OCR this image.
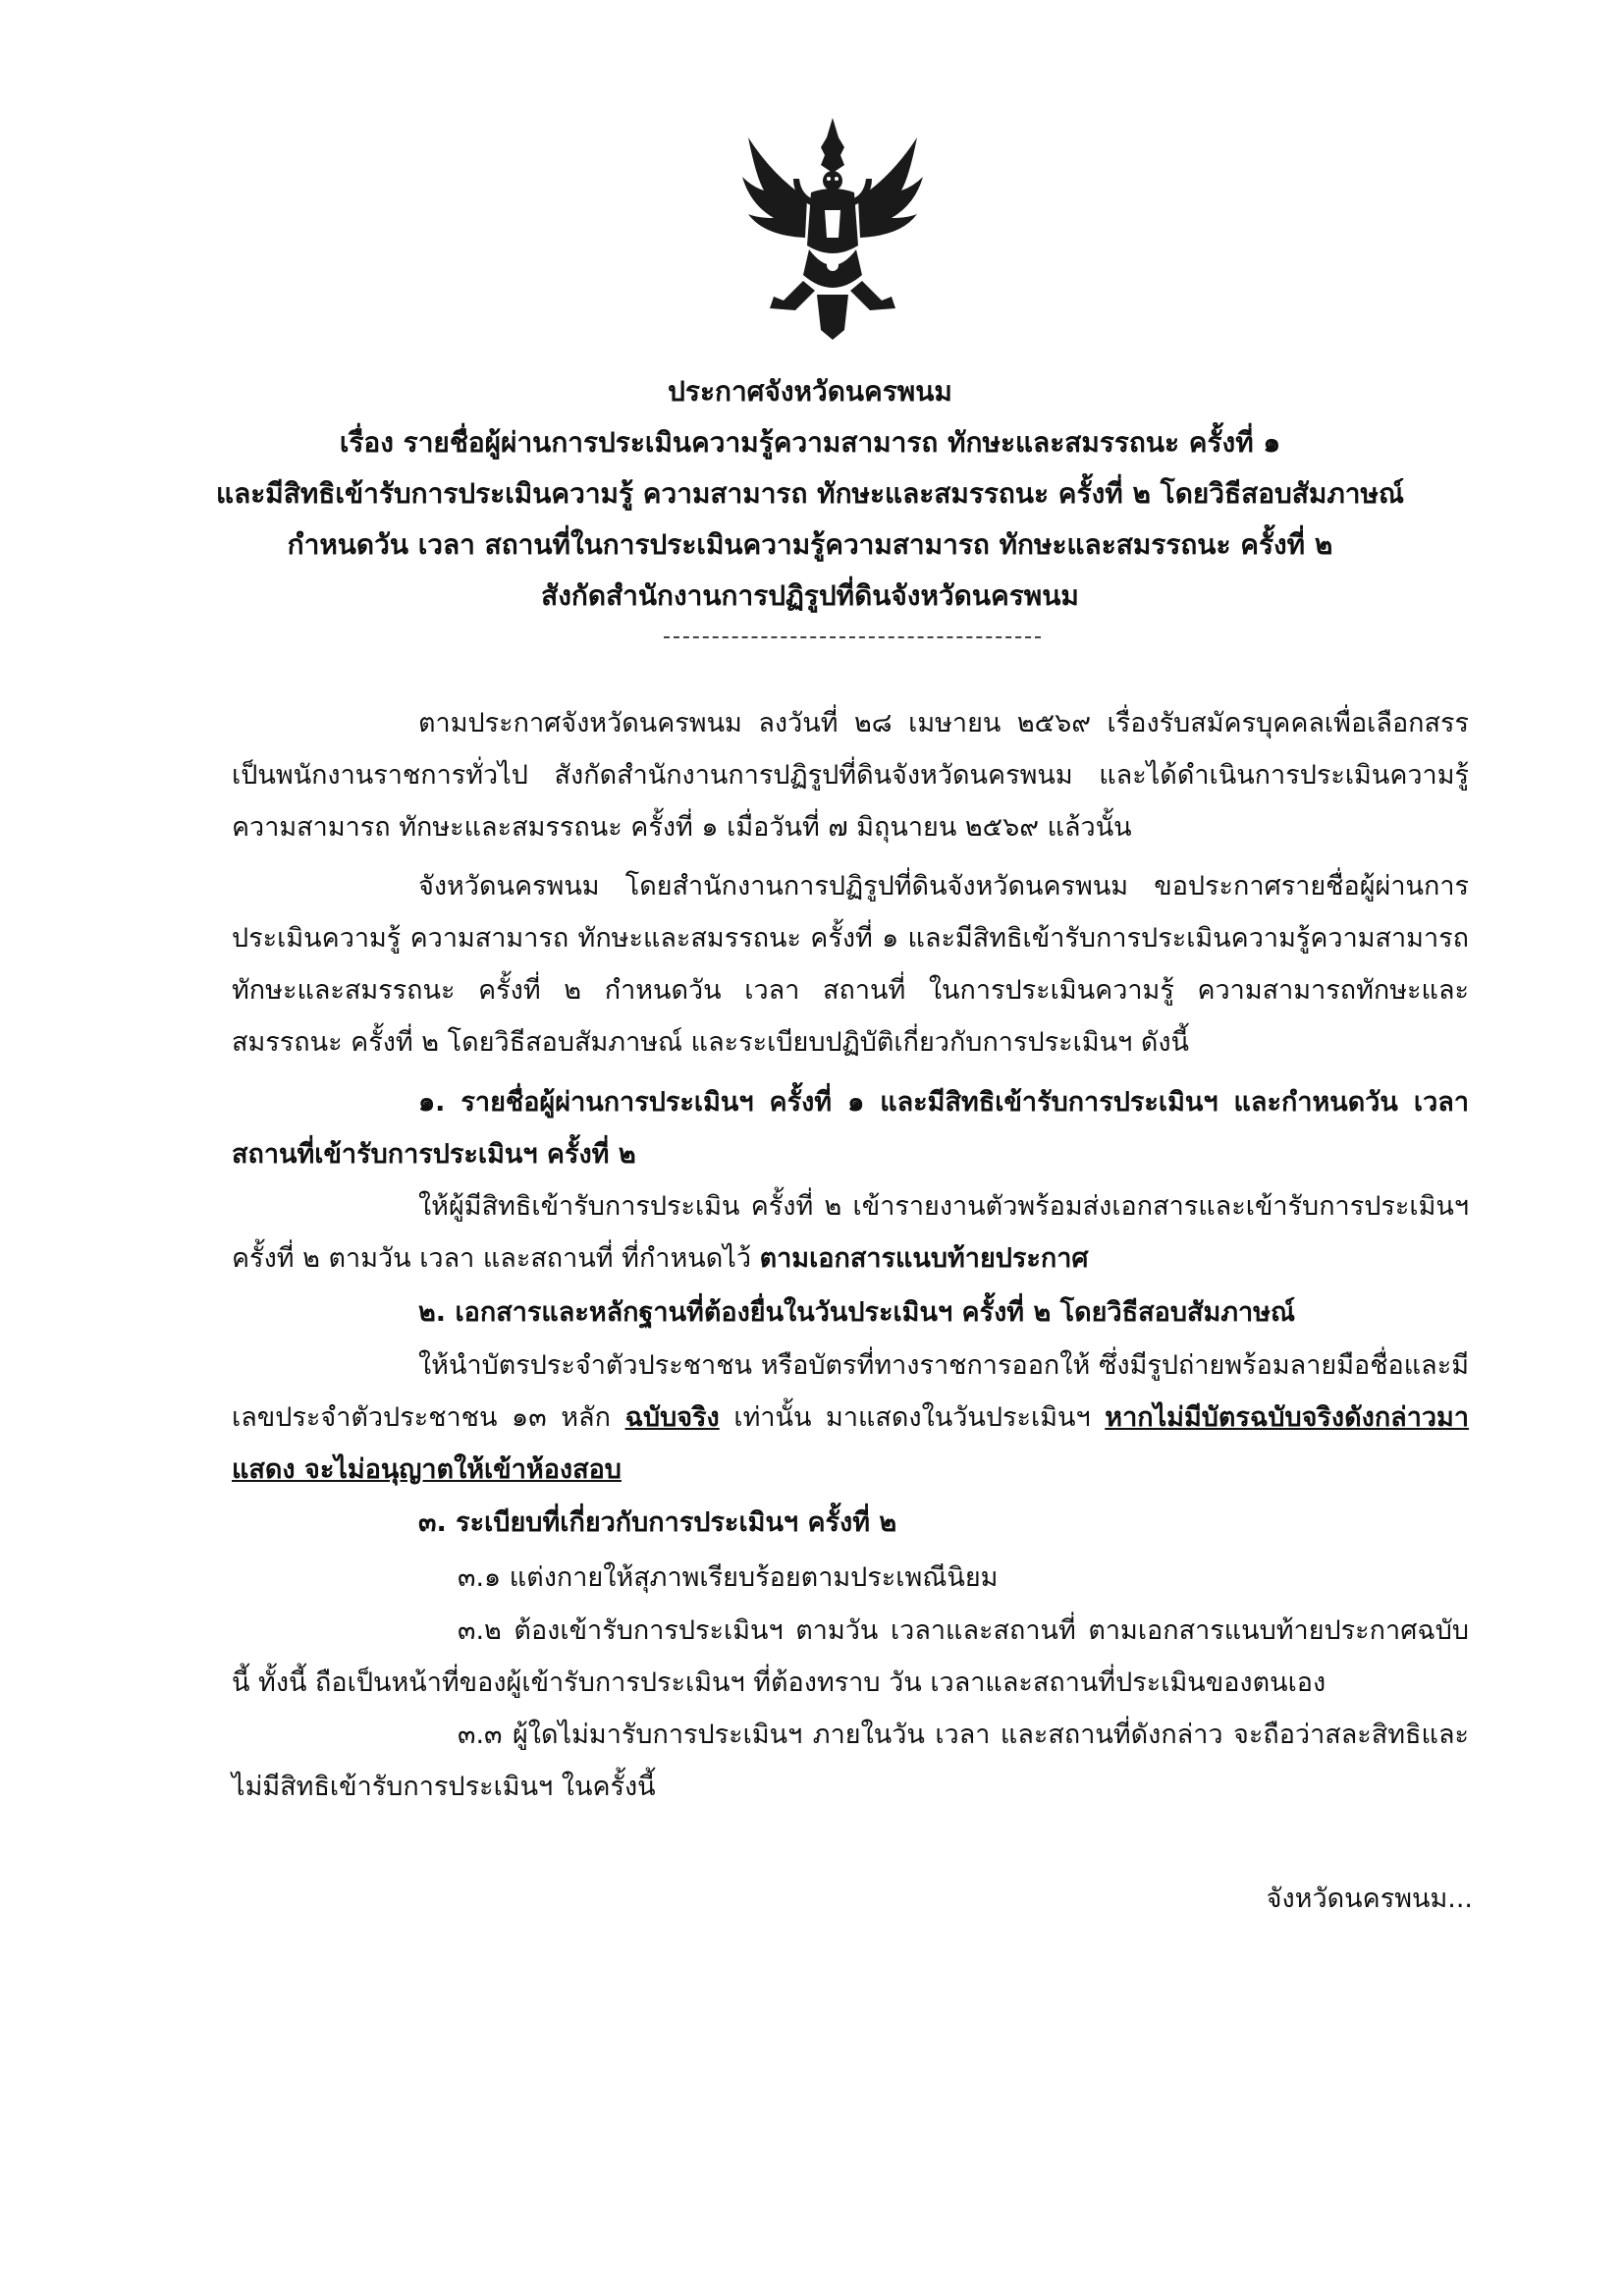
ประกาศจังหวัดนครพนม
เรื่อง รายชื่อผู้ผ่านการประเมินความรู้ความสามารถ ทักษะและสมรรถนะ ครั้งที่ ๑
และมีสิทธิเข้ารับการประเมินความรู้ ความสามารถ ทักษะและสมรรถนะ ครั้งที่ ๒ โดยวิธีสอบสัมภาษณ์
กำหนดวัน เวลา สถานที่ในการประเมินความรู้ความสามารถ ทักษะและสมรรถนะ ครั้งที่ ๒
สังกัดสำนักงานการปฏิรูปที่ดินจังหวัดนครพนม
ตามประกาศจังหวัดนครพนม ลงวันที่ ๒๘ เมษายน ๒๕๖๙ เรื่องรับสมัครบุคคลเพื่อเลือกสรรเป็นพนักงานราชการทั่วไป สังกัดสำนักงานการปฏิรูปที่ดินจังหวัดนครพนม และได้ดำเนินการประเมินความรู้ความสามารถ ทักษะและสมรรถนะ ครั้งที่ ๑ เมื่อวันที่ ๗ มิถุนายน ๒๕๖๙ แล้วนั้น
จังหวัดนครพนม โดยสำนักงานการปฏิรูปที่ดินจังหวัดนครพนม ขอประกาศรายชื่อผู้ผ่านการประเมินความรู้ ความสามารถ ทักษะและสมรรถนะ ครั้งที่ ๑ และมีสิทธิเข้ารับการประเมินความรู้ความสามารถ ทักษะและสมรรถนะ ครั้งที่ ๒ กำหนดวัน เวลา สถานที่ ในการประเมินความรู้ ความสามารถทักษะและสมรรถนะ ครั้งที่ ๒ โดยวิธีสอบสัมภาษณ์ และระเบียบปฏิบัติเกี่ยวกับการประเมินฯ ดังนี้
๑. รายชื่อผู้ผ่านการประเมินฯ ครั้งที่ ๑ และมีสิทธิเข้ารับการประเมินฯ และกำหนดวัน เวลาสถานที่เข้ารับการประเมินฯ ครั้งที่ ๒
ให้ผู้มีสิทธิเข้ารับการประเมิน ครั้งที่ ๒ เข้ารายงานตัวพร้อมส่งเอกสารและเข้ารับการประเมินฯ ครั้งที่ ๒ ตามวัน เวลา และสถานที่ ที่กำหนดไว้ ตามเอกสารแนบท้ายประกาศ
๒. เอกสารและหลักฐานที่ต้องยื่นในวันประเมินฯ ครั้งที่ ๒ โดยวิธีสอบสัมภาษณ์
ให้นำบัตรประจำตัวประชาชน หรือบัตรที่ทางราชการออกให้ ซึ่งมีรูปถ่ายพร้อมลายมือชื่อและมีเลขประจำตัวประชาชน ๑๓ หลัก ฉบับจริง เท่านั้น มาแสดงในวันประเมินฯ หากไม่มีบัตรฉบับจริงดังกล่าวมาแสดง จะไม่อนุญาตให้เข้าห้องสอบ
๓. ระเบียบที่เกี่ยวกับการประเมินฯ ครั้งที่ ๒
๓.๑ แต่งกายให้สุภาพเรียบร้อยตามประเพณีนิยม
๓.๒ ต้องเข้ารับการประเมินฯ ตามวัน เวลาและสถานที่ ตามเอกสารแนบท้ายประกาศฉบับนี้ ทั้งนี้ ถือเป็นหน้าที่ของผู้เข้ารับการประเมินฯ ที่ต้องทราบ วัน เวลาและสถานที่ประเมินของตนเอง
๓.๓ ผู้ใดไม่มารับการประเมินฯ ภายในวัน เวลา และสถานที่ดังกล่าว จะถือว่าสละสิทธิและไม่มีสิทธิเข้ารับการประเมินฯ ในครั้งนี้
จังหวัดนครพนม...
